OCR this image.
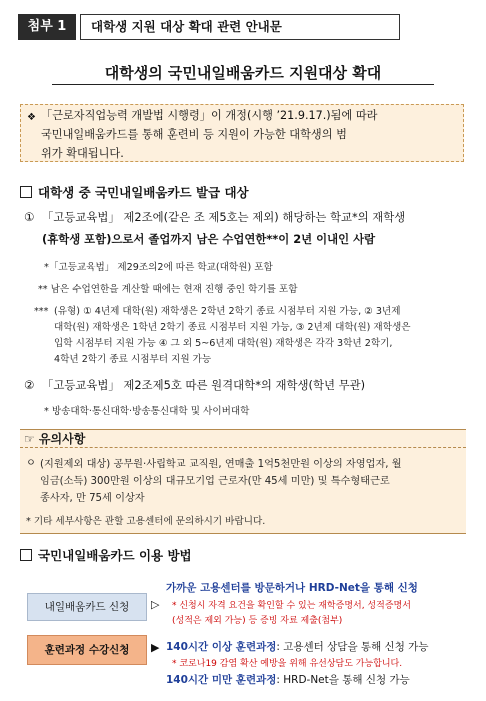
첨부 1	대학생 지원 대상 확대 관련 안내문
대학생의 국민내일배움카드 지원대상 확대
❖ 「근로자직업능력 개발법 시행령」이 개정(시행 ’21.9.17.)됨에 따라
국민내일배움카드를 통해 훈련비 등 지원이 가능한 대학생의 범
위가 확대됩니다.
대학생 중 국민내일배움카드 발급 대상
① 「고등교육법」 제2조에(같은 조 제5호는 제외) 해당하는 학교*의 재학생
(휴학생 포함)으로서 졸업까지 남은 수업연한**이 2년 이내인 사람
*「고등교육법」 제29조의2에 따른 학교(대학원) 포함
** 남은 수업연한을 계산할 때에는 현재 진행 중인 학기를 포함
*** (유형) ① 4년제 대학(원) 재학생은 2학년 2학기 종료 시점부터 지원 가능, ② 3년제
대학(원) 재학생은 1학년 2학기 종료 시점부터 지원 가능, ③ 2년제 대학(원) 재학생은
입학 시점부터 지원 가능 ④ 그 외 5~6년제 대학(원) 재학생은 각각 3학년 2학기,
4학년 2학기 종료 시점부터 지원 가능
② 「고등교육법」 제2조제5호 따른 원격대학*의 재학생(학년 무관)
* 방송대학·통신대학·방송통신대학 및 사이버대학
☞ 유의사항
ㅇ (지원제외 대상) 공무원·사립학교 교직원, 연매출 1억5천만원 이상의 자영업자, 월
임금(소득) 300만원 이상의 대규모기업 근로자(만 45세 미만) 및 특수형태근로
종사자, 만 75세 이상자
* 기타 세부사항은 관할 고용센터에 문의하시기 바랍니다.
국민내일배움카드 이용 방법
내일배움카드 신청	▷
가까운 고용센터를 방문하거나 HRD-Net을 통해 신청
* 신청시 자격 요건을 확인할 수 있는 재학증명서, 성적증명서
(성적은 제외 가능) 등 증빙 자료 제출(첨부)
훈련과정 수강신청	▶ 140시간 이상 훈련과정: 고용센터 상담을 통해 신청 가능
* 코로나19 감염 확산 예방을 위해 유선상담도 가능합니다.
140시간 미만 훈련과정: HRD-Net을 통해 신청 가능
